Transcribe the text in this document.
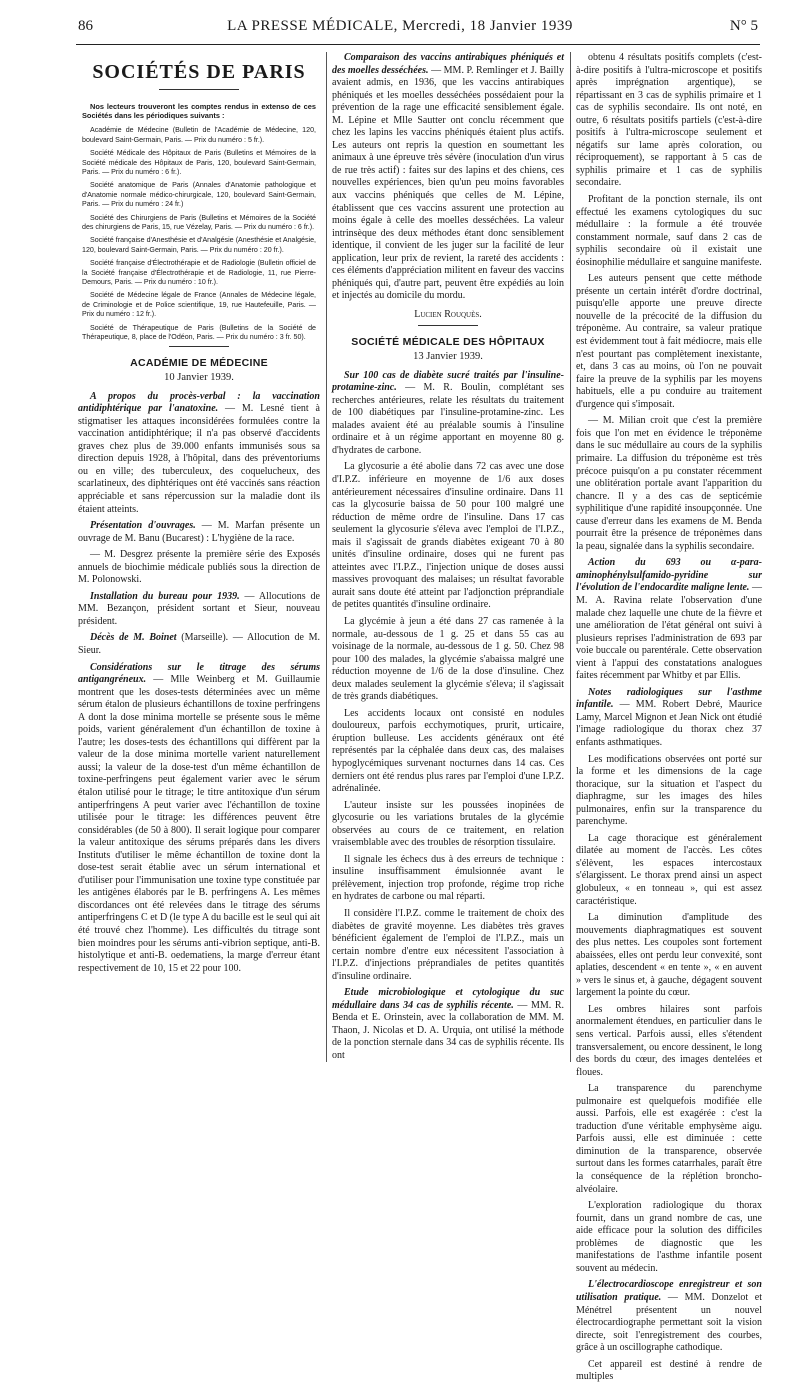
86	LA PRESSE MÉDICALE, Mercredi, 18 Janvier 1939	N° 5
SOCIÉTÉS DE PARIS

Nos lecteurs trouveront les comptes rendus in extenso de ces Sociétés dans les périodiques suivants :

Académie de Médecine (Bulletin de l'Académie de Médecine, 120, boulevard Saint-Germain, Paris. — Prix du numéro : 5 fr.).

Société Médicale des Hôpitaux de Paris (Bulletins et Mémoires de la Société médicale des Hôpitaux de Paris, 120, boulevard Saint-Germain, Paris. — Prix du numéro : 6 fr.).

Société anatomique de Paris (Annales d'Anatomie pathologique et d'Anatomie normale médico-chirurgicale, 120, boulevard Saint-Germain, Paris. — Prix du numéro : 24 fr.)

Société des Chirurgiens de Paris (Bulletins et Mémoires de la Société des chirurgiens de Paris, 15, rue Vézelay, Paris. — Prix du numéro : 6 fr.).

Société française d'Anesthésie et d'Analgésie (Anesthésie et Analgésie, 120, boulevard Saint-Germain, Paris. — Prix du numéro : 20 fr.).

Société française d'Électrothérapie et de Radiologie (Bulletin officiel de la Société française d'Électrothérapie et de Radiologie, 11, rue Pierre-Demours, Paris. — Prix du numéro : 10 fr.).

Société de Médecine légale de France (Annales de Médecine légale, de Criminologie et de Police scientifique, 19, rue Hautefeuille, Paris. — Prix du numéro : 12 fr.).

Société de Thérapeutique de Paris (Bulletins de la Société de Thérapeutique, 8, place de l'Odéon, Paris. — Prix du numéro : 3 fr. 50).

ACADÉMIE DE MÉDECINE
10 Janvier 1939.

A propos du procès-verbal : la vaccination antidiphtérique par l'anatoxine. — M. Lesné tient à stigmatiser les attaques inconsidérées formulées contre la vaccination antidiphtérique; il n'a pas observé d'accidents graves chez plus de 39.000 enfants immunisés sous sa direction depuis 1928, à l'hôpital, dans des préventoriums ou en ville; des tuberculeux, des coquelucheux, des scarlatineux, des diphtériques ont été vaccinés sans réaction appréciable et sans répercussion sur la maladie dont ils étaient atteints.

Présentation d'ouvrages. — M. Marfan présente un ouvrage de M. Banu (Bucarest) : L'hygiène de la race.

— M. Desgrez présente la première série des Exposés annuels de biochimie médicale publiés sous la direction de M. Polonowski.

Installation du bureau pour 1939. — Allocutions de MM. Bezançon, président sortant et Sieur, nouveau président.

Décès de M. Boinet (Marseille). — Allocution de M. Sieur.

Considérations sur le titrage des sérums antigangréneux. — Mlle Weinberg et M. Guillaumie montrent que les doses-tests déterminées avec un même sérum étalon de plusieurs échantillons de toxine perfringens A dont la dose minima mortelle se présente sous le même poids, varient généralement d'un échantillon de toxine à l'autre; les doses-tests des échantillons qui diffèrent par la valeur de la dose minima mortelle varient naturellement aussi; la valeur de la dose-test d'un même échantillon de toxine-perfringens peut également varier avec le sérum étalon utilisé pour le titrage; le titre antitoxique d'un sérum antiperfringens A peut varier avec l'échantillon de toxine utilisée pour le titrage: les différences peuvent être considérables (de 50 à 800). Il serait logique pour comparer la valeur antitoxique des sérums préparés dans les divers Instituts d'utiliser le même échantillon de toxine dont la dose-test serait établie avec un sérum international et d'utiliser pour l'immunisation une toxine type constituée par les antigènes élaborés par le B. perfringens A. Les mêmes discordances ont été relevées dans le titrage des sérums antiperfringens C et D (le type A du bacille est le seul qui ait été trouvé chez l'homme). Les difficultés du titrage sont bien moindres pour les sérums anti-vibrion septique, anti-B. histolytique et anti-B. oedematiens, la marge d'erreur étant respectivement de 10, 15 et 22 pour 100.

Comparaison des vaccins antirabiques phéniqués et des moelles desséchées. — MM. P. Remlinger et J. Bailly avaient admis, en 1936, que les vaccins antirabiques phéniqués et les moelles desséchées possédaient pour la prévention de la rage une efficacité sensiblement égale. M. Lépine et Mlle Sautter ont conclu récemment que chez les lapins les vaccins phéniqués étaient plus actifs. Les auteurs ont repris la question en soumettant les animaux à une épreuve très sévère (inoculation d'un virus de rue très actif) : faites sur des lapins et des chiens, ces nouvelles expériences, bien qu'un peu moins favorables aux vaccins phéniqués que celles de M. Lépine, établissent que ces vaccins assurent une protection au moins égale à celle des moelles desséchées. La valeur intrinsèque des deux méthodes étant donc sensiblement identique, il convient de les juger sur la facilité de leur application, leur prix de revient, la rareté des accidents : ces éléments d'appréciation militent en faveur des vaccins phéniqués qui, d'autre part, peuvent être expédiés au loin et injectés au domicile du mordu.

Lucien Rouquès.
SOCIÉTÉ MÉDICALE DES HÔPITAUX
13 Janvier 1939.

Sur 100 cas de diabète sucré traités par l'insuline-protamine-zinc. — M. R. Boulin, complétant ses recherches antérieures, relate les résultats du traitement de 100 diabétiques par l'insuline-protamine-zinc. Les malades avaient été au préalable soumis à l'insuline ordinaire et à un régime apportant en moyenne 80 g. d'hydrates de carbone.

La glycosurie a été abolie dans 72 cas avec une dose d'I.P.Z. inférieure en moyenne de 1/6 aux doses antérieurement nécessaires d'insuline ordinaire. Dans 11 cas la glycosurie baissa de 50 pour 100 malgré une réduction de même ordre de l'insuline. Dans 17 cas seulement la glycosurie s'éleva avec l'emploi de l'I.P.Z., mais il s'agissait de grands diabètes exigeant 70 à 80 unités d'insuline ordinaire, doses qui ne furent pas atteintes avec l'I.P.Z., l'injection unique de doses aussi massives provoquant des malaises; un résultat favorable aurait sans doute été atteint par l'adjonction préprandiale de petites quantités d'insuline ordinaire.

La glycémie à jeun a été dans 27 cas ramenée à la normale, au-dessous de 1 g. 25 et dans 55 cas au voisinage de la normale, au-dessous de 1 g. 50. Chez 98 pour 100 des malades, la glycémie s'abaissa malgré une réduction moyenne de 1/6 de la dose d'insuline. Chez deux malades seulement la glycémie s'éleva; il s'agissait de très grands diabétiques.

Les accidents locaux ont consisté en nodules douloureux, parfois ecchymotiques, prurit, urticaire, éruption bulleuse. Les accidents généraux ont été représentés par la céphalée dans deux cas, des malaises hypoglycémiques survenant nocturnes dans 14 cas. Ces derniers ont été rendus plus rares par l'emploi d'une I.P.Z. adrénalinée.

L'auteur insiste sur les poussées inopinées de glycosurie ou les variations brutales de la glycémie observées au cours de ce traitement, en relation vraisemblable avec des troubles de résorption tissulaire.

Il signale les échecs dus à des erreurs de technique : insuline insuffisamment émulsionnée avant le prélèvement, injection trop profonde, régime trop riche en hydrates de carbone ou mal réparti.

Il considère l'I.P.Z. comme le traitement de choix des diabètes de gravité moyenne. Les diabètes très graves bénéficient également de l'emploi de l'I.P.Z., mais un certain nombre d'entre eux nécessitent l'association à l'I.P.Z. d'injections préprandiales de petites quantités d'insuline ordinaire.

Etude microbiologique et cytologique du suc médullaire dans 34 cas de syphilis récente. — MM. R. Benda et E. Orinstein, avec la collaboration de MM. M. Thaon, J. Nicolas et D. A. Urquia, ont utilisé la méthode de la ponction sternale dans 34 cas de syphilis récente. Ils ont

obtenu 4 résultats positifs complets (c'est-à-dire positifs à l'ultra-microscope et positifs après imprégnation argentique), se répartissant en 3 cas de syphilis primaire et 1 cas de syphilis secondaire. Ils ont noté, en outre, 6 résultats positifs partiels (c'est-à-dire positifs à l'ultra-microscope seulement et négatifs sur lame après coloration, ou réciproquement), se rapportant à 5 cas de syphilis primaire et 1 cas de syphilis secondaire.

Profitant de la ponction sternale, ils ont effectué les examens cytologiques du suc médullaire : la formule a été trouvée constamment normale, sauf dans 2 cas de syphilis secondaire où il existait une éosinophilie médullaire et sanguine manifeste.

Les auteurs pensent que cette méthode présente un certain intérêt d'ordre doctrinal, puisqu'elle apporte une preuve directe nouvelle de la précocité de la diffusion du tréponème. Au contraire, sa valeur pratique est évidemment tout à fait médiocre, mais elle n'est pourtant pas complètement inexistante, et, dans 3 cas au moins, où l'on ne pouvait faire la preuve de la syphilis par les moyens habituels, elle a pu conduire au traitement d'urgence qui s'imposait.

— M. Milian croit que c'est la première fois que l'on met en évidence le tréponème dans le suc médullaire au cours de la syphilis primaire. La diffusion du tréponème est très précoce puisqu'on a pu constater récemment une oblitération portale avant l'apparition du chancre. Il y a des cas de septicémie syphilitique d'une rapidité insoupçonnée. Une cause d'erreur dans les examens de M. Benda pourrait être la présence de tréponèmes dans la peau, signalée dans la syphilis secondaire.

Action du 693 ou α-para-aminophénylsulfamido-pyridine sur l'évolution de l'endocardite maligne lente. — M. A. Ravina relate l'observation d'une malade chez laquelle une chute de la fièvre et une amélioration de l'état général ont suivi à plusieurs reprises l'administration de 693 par voie buccale ou parentérale. Cette observation vient à l'appui des constatations analogues faites récemment par Whitby et par Ellis.

Notes radiologiques sur l'asthme infantile. — MM. Robert Debré, Maurice Lamy, Marcel Mignon et Jean Nick ont étudié l'image radiologique du thorax chez 37 enfants asthmatiques.

Les modifications observées ont porté sur la forme et les dimensions de la cage thoracique, sur la situation et l'aspect du diaphragme, sur les images des hiles pulmonaires, enfin sur la transparence du parenchyme.

La cage thoracique est généralement dilatée au moment de l'accès. Les côtes s'élèvent, les espaces intercostaux s'élargissent. Le thorax prend ainsi un aspect globuleux, « en tonneau », qui est assez caractéristique.

La diminution d'amplitude des mouvements diaphragmatiques est souvent des plus nettes. Les coupoles sont fortement abaissées, elles ont perdu leur convexité, sont aplaties, descendent « en tente », « en auvent » vers le sinus et, à gauche, dégagent souvent largement la pointe du cœur.

Les ombres hilaires sont parfois anormalement étendues, en particulier dans le sens vertical. Parfois aussi, elles s'étendent transversalement, ou encore dessinent, le long des bords du cœur, des images dentelées et floues.

La transparence du parenchyme pulmonaire est quelquefois modifiée elle aussi. Parfois, elle est exagérée : c'est la traduction d'une véritable emphysème aigu. Parfois aussi, elle est diminuée : cette diminution de la transparence, observée surtout dans les formes catarrhales, paraît être la conséquence de la réplétion broncho-alvéolaire.

L'exploration radiologique du thorax fournit, dans un grand nombre de cas, une aide efficace pour la solution des difficiles problèmes de diagnostic que les manifestations de l'asthme infantile posent souvent au médecin.

L'électrocardioscope enregistreur et son utilisation pratique. — MM. Donzelot et Ménétrel présentent un nouvel électrocardiographe permettant soit la vision directe, soit l'enregistrement des courbes, grâce à un oscillographe cathodique.

Cet appareil est destiné à rendre de multiples
